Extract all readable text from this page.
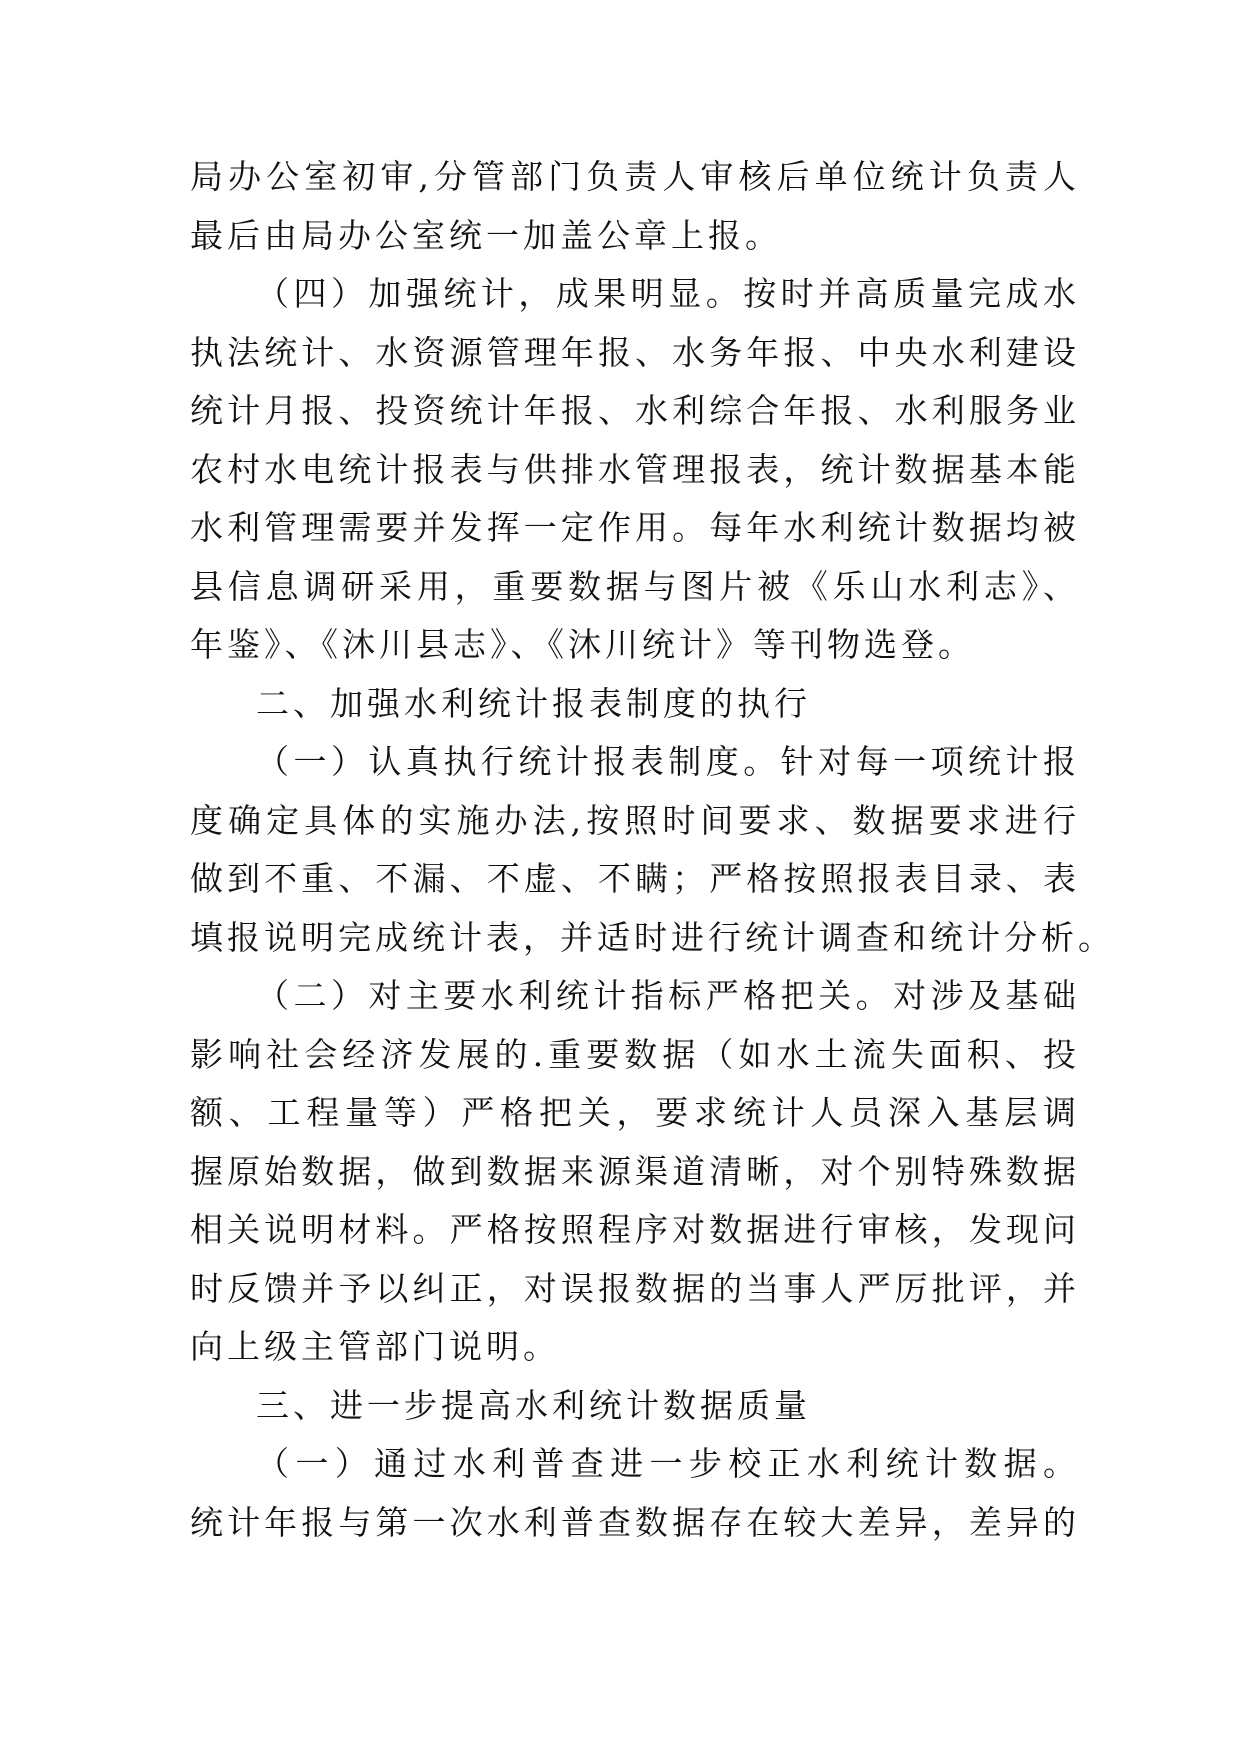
局办公室初审,分管部门负责人审核后单位统计负责人
最后由局办公室统一加盖公章上报。
（四）加强统计，成果明显。按时并高质量完成水
执法统计、水资源管理年报、水务年报、中央水利建设
统计月报、投资统计年报、水利综合年报、水利服务业
农村水电统计报表与供排水管理报表，统计数据基本能
水利管理需要并发挥一定作用。每年水利统计数据均被
县信息调研采用，重要数据与图片被《乐山水利志》、
年鉴》、《沐川县志》、《沐川统计》等刊物选登。
二、加强水利统计报表制度的执行
（一）认真执行统计报表制度。针对每一项统计报
度确定具体的实施办法,按照时间要求、数据要求进行
做到不重、不漏、不虚、不瞒；严格按照报表目录、表
填报说明完成统计表，并适时进行统计调查和统计分析。
（二）对主要水利统计指标严格把关。对涉及基础
影响社会经济发展的.重要数据（如水土流失面积、投
额、工程量等）严格把关，要求统计人员深入基层调
握原始数据，做到数据来源渠道清晰，对个别特殊数据
相关说明材料。严格按照程序对数据进行审核，发现问
时反馈并予以纠正，对误报数据的当事人严厉批评，并
向上级主管部门说明。
三、进一步提高水利统计数据质量
（一）通过水利普查进一步校正水利统计数据。
统计年报与第一次水利普查数据存在较大差异，差异的
